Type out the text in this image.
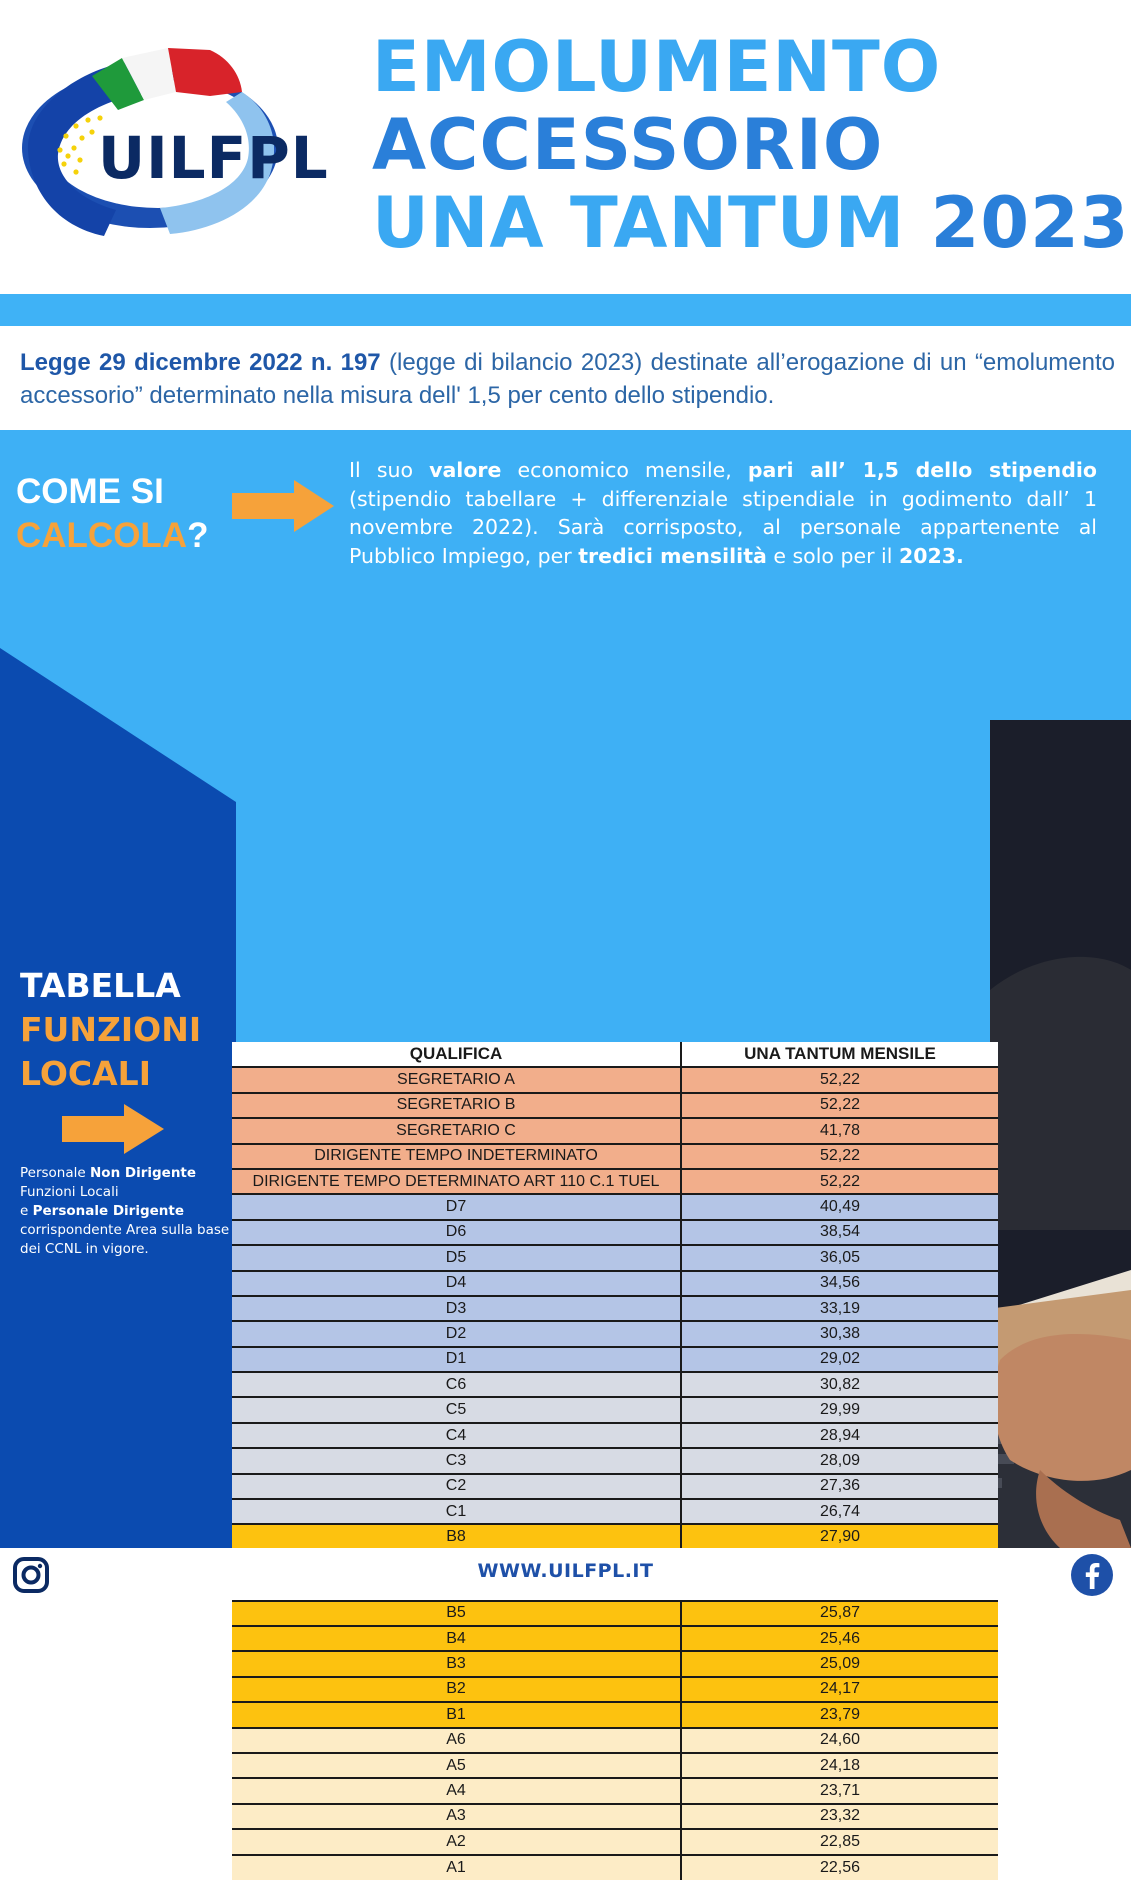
UILFPL
EMOLUMENTO
ACCESSORIO
UNA TANTUM 2023

Legge 29 dicembre 2022 n. 197 (legge di bilancio 2023) destinate all’erogazione di un “emolumento accessorio” determinato nella misura dell' 1,5 per cento dello stipendio.

COME SI
CALCOLA?

Il suo valore economico mensile, pari all’ 1,5 dello stipendio (stipendio tabellare + differenziale stipendiale in godimento dall’ 1 novembre 2022). Sarà corrisposto, al personale appartenente al Pubblico Impiego, per tredici mensilità e solo per il 2023.

QUALIFICA	UNA TANTUM MENSILE
SEGRETARIO A	52,22
SEGRETARIO B	52,22
SEGRETARIO C	41,78
DIRIGENTE TEMPO INDETERMINATO	52,22
DIRIGENTE TEMPO DETERMINATO ART 110 C.1 TUEL	52,22
D7	40,49
D6	38,54
D5	36,05
D4	34,56
D3	33,19
D2	30,38
D1	29,02
C6	30,82
C5	29,99
C4	28,94
C3	28,09
C2	27,36
C1	26,74
B8	27,90

B5	25,87
B4	25,46
B3	25,09
B2	24,17
B1	23,79
A6	24,60
A5	24,18
A4	23,71
A3	23,32
A2	22,85
A1	22,56
TABELLA
FUNZIONI
LOCALI

Personale Non Dirigente Funzioni Locali
e Personale Dirigente corrispondente Area sulla base dei CCNL in vigore.

WWW.UILFPL.IT
